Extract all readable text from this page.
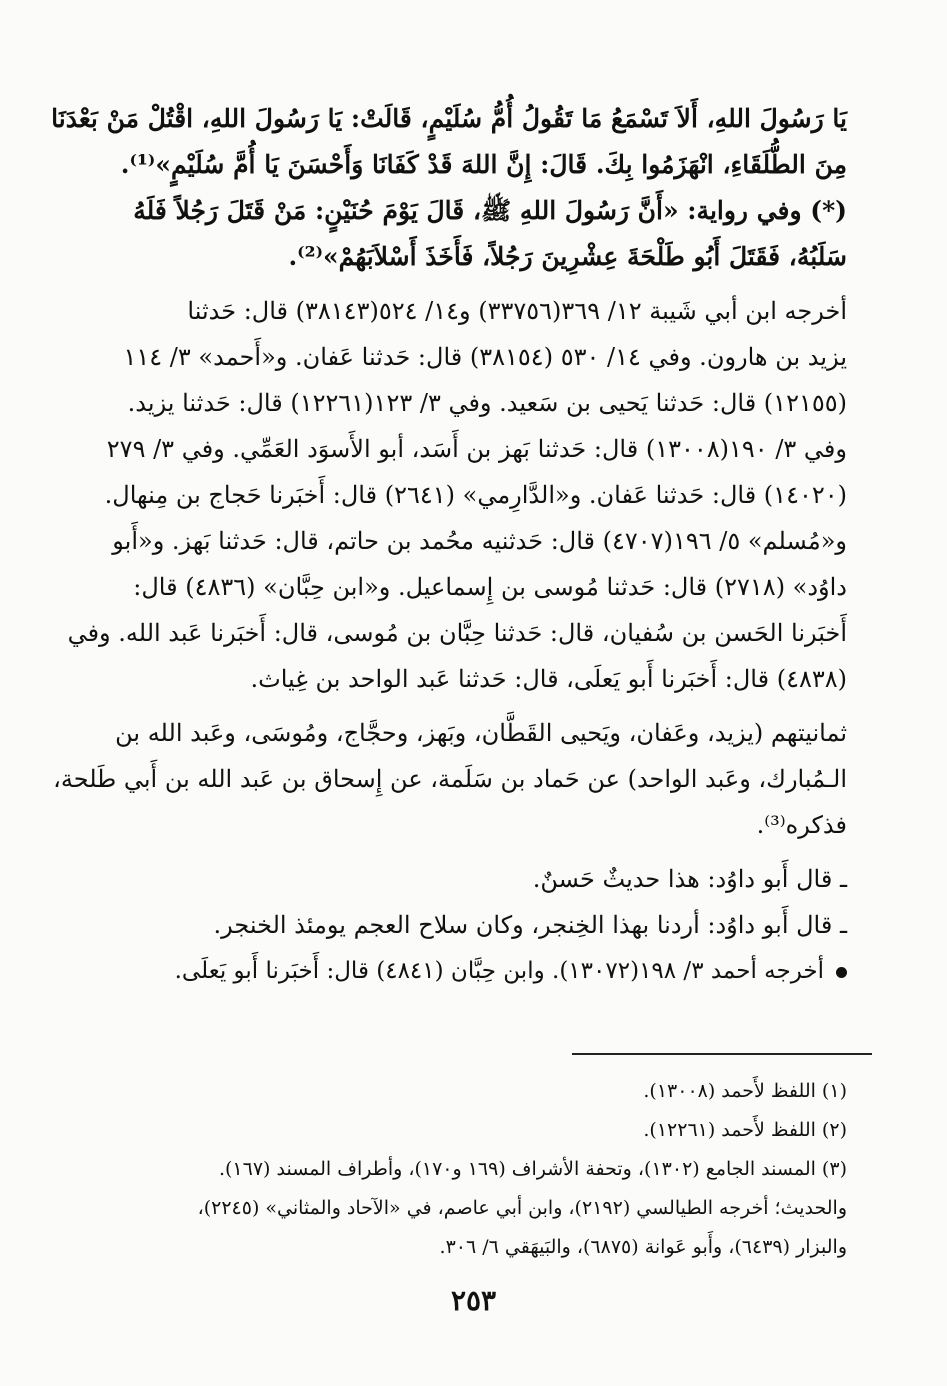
يَا رَسُولَ اللهِ، أَلاَ تَسْمَعُ مَا تَقُولُ أُمُّ سُلَيْمٍ، قَالَتْ: يَا رَسُولَ اللهِ، اقْتُلْ مَنْ بَعْدَنَا
مِنَ الطُّلَقَاءِ، انْهَزَمُوا بِكَ. قَالَ: إِنَّ اللهَ قَدْ كَفَانَا وَأَحْسَنَ يَا أُمَّ سُلَيْمٍ»⁽¹⁾.
(*) وفي رواية: «أَنَّ رَسُولَ اللهِ ﷺ، قَالَ يَوْمَ حُنَيْنٍ: مَنْ قَتَلَ رَجُلاً فَلَهُ
سَلَبُهُ، فَقَتَلَ أَبُو طَلْحَةَ عِشْرِينَ رَجُلاً، فَأَخَذَ أَسْلاَبَهُمْ»⁽²⁾.
أخرجه ابن أبي شَيبة ١٢/ ٣٦٩(٣٣٧٥٦) و١٤/ ٥٢٤(٣٨١٤٣) قال: حَدثنا
يزيد بن هارون. وفي ١٤/ ٥٣٠ (٣٨١٥٤) قال: حَدثنا عَفان. و«أَحمد» ٣/ ١١٤
(١٢١٥٥) قال: حَدثنا يَحيى بن سَعيد. وفي ٣/ ١٢٣(١٢٢٦١) قال: حَدثنا يزيد.
وفي ٣/ ١٩٠(١٣٠٠٨) قال: حَدثنا بَهز بن أَسَد، أبو الأَسوَد العَمِّي. وفي ٣/ ٢٧٩
(١٤٠٢٠) قال: حَدثنا عَفان. و«الدَّارِمي» (٢٦٤١) قال: أَخبَرنا حَجاج بن مِنهال.
و«مُسلم» ٥/ ١٩٦(٤٧٠٧) قال: حَدثنيه محُمد بن حاتم، قال: حَدثنا بَهز. و«أَبو
داوُد» (٢٧١٨) قال: حَدثنا مُوسى بن إِسماعيل. و«ابن حِبَّان» (٤٨٣٦) قال:
أَخبَرنا الحَسن بن سُفيان، قال: حَدثنا حِبَّان بن مُوسى، قال: أَخبَرنا عَبد الله. وفي
(٤٨٣٨) قال: أَخبَرنا أَبو يَعلَى، قال: حَدثنا عَبد الواحد بن غِياث.
ثمانيتهم (يزيد، وعَفان، ويَحيى القَطَّان، وبَهز، وحجَّاج، ومُوسَى، وعَبد الله بن
الـمُبارك، وعَبد الواحد) عن حَماد بن سَلَمة، عن إِسحاق بن عَبد الله بن أَبي طَلحة،
فذكره⁽³⁾.
ـ قال أَبو داوُد: هذا حديثٌ حَسنٌ.
ـ قال أَبو داوُد: أردنا بهذا الخِنجر، وكان سلاح العجم يومئذ الخنجر.
أخرجه أحمد ٣/ ١٩٨(١٣٠٧٢). وابن حِبَّان (٤٨٤١) قال: أَخبَرنا أَبو يَعلَى.
(١) اللفظ لأَحمد (١٣٠٠٨).
(٢) اللفظ لأَحمد (١٢٢٦١).
(٣) المسند الجامع (١٣٠٢)، وتحفة الأشراف (١٦٩ و١٧٠)، وأطراف المسند (١٦٧).
والحديث؛ أخرجه الطيالسي (٢١٩٢)، وابن أبي عاصم، في «الآحاد والمثاني» (٢٢٤٥)،
والبزار (٦٤٣٩)، وأَبو عَوانة (٦٨٧٥)، والبَيهَقي ٦/ ٣٠٦.
٢٥٣
